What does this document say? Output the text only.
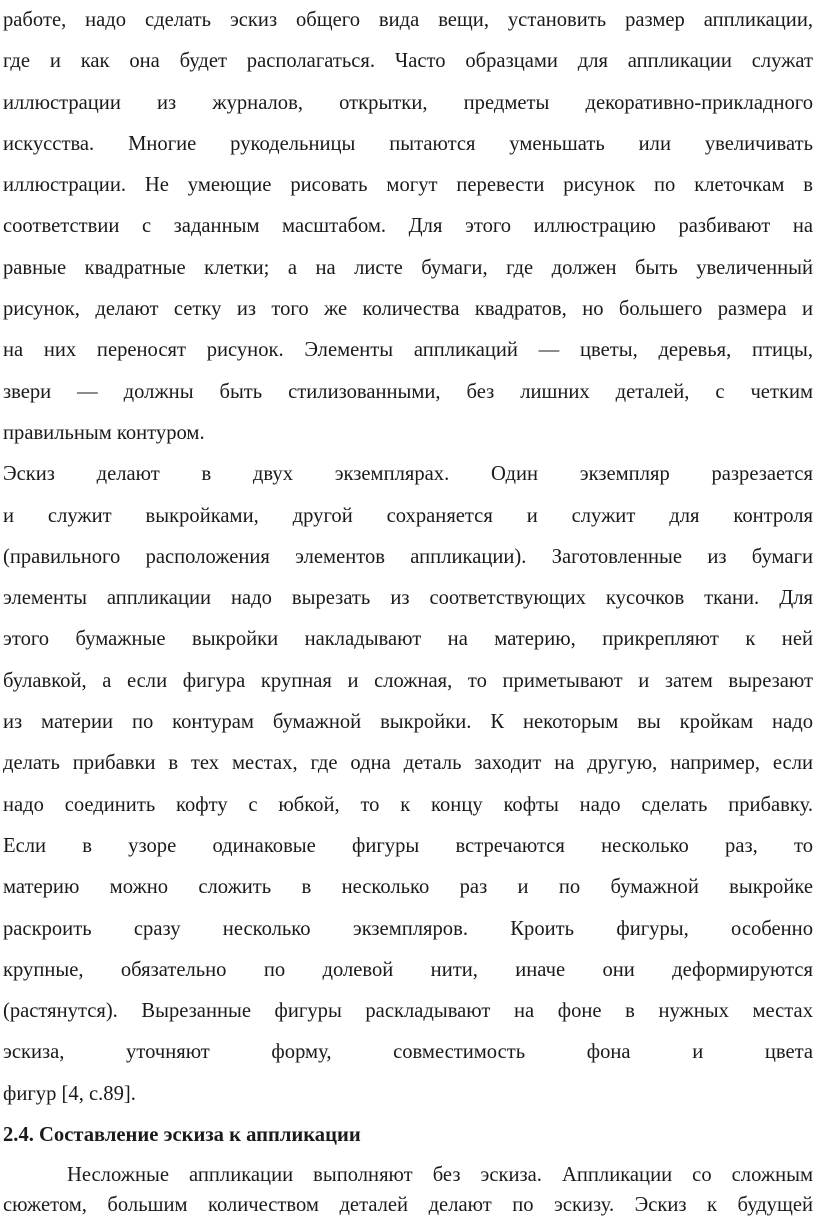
работе, надо сделать эскиз общего вида вещи, установить размер аппликации,
где и как она будет располагаться. Часто образцами для аппликации служат
иллюстрации из журналов, открытки, предметы декоративно-прикладного
искусства. Многие рукодельницы пытаются уменьшать или увеличивать
иллюстрации. Не умеющие рисовать могут перевести рисунок по клеточкам в
соответствии с заданным масштабом. Для этого иллюстрацию разбивают на
равные квадратные клетки; а на листе бумаги, где должен быть увеличенный
рисунок, делают сетку из того же количества квадратов, но большего размера и
на них переносят рисунок. Элементы аппликаций — цветы, деревья, птицы,
звери — должны быть стилизованными, без лишних деталей, с четким
правильным контуром.
Эскиз делают в двух экземплярах. Один экземпляр разрезается
и служит выкройками, другой сохраняется и служит для контроля
(правильного расположения элементов аппликации). Заготовленные из бумаги
элементы аппликации надо вырезать из соответствующих кусочков ткани. Для
этого бумажные выкройки накладывают на материю, прикрепляют к ней
булавкой, а если фигура крупная и сложная, то приметывают и затем вырезают
из материи по контурам бумажной выкройки. К некоторым вы кройкам надо
делать прибавки в тех местах, где одна деталь заходит на другую, например, если
надо соединить кофту с юбкой, то к концу кофты надо сделать прибавку.
Если в узоре одинаковые фигуры встречаются несколько раз, то
материю можно сложить в несколько раз и по бумажной выкройке
раскроить сразу несколько экземпляров. Кроить фигуры, особенно
крупные, обязательно по долевой нити, иначе они деформируются
(растянутся). Вырезанные фигуры раскладывают на фоне в нужных местах
эскиза, уточняют форму, совместимость фона и цвета
фигур [4, с.89].
2.4. Составление эскиза к аппликации
Несложные аппликации выполняют без эскиза. Аппликации со сложным
сюжетом, большим количеством деталей делают по эскизу. Эскиз к будущей
